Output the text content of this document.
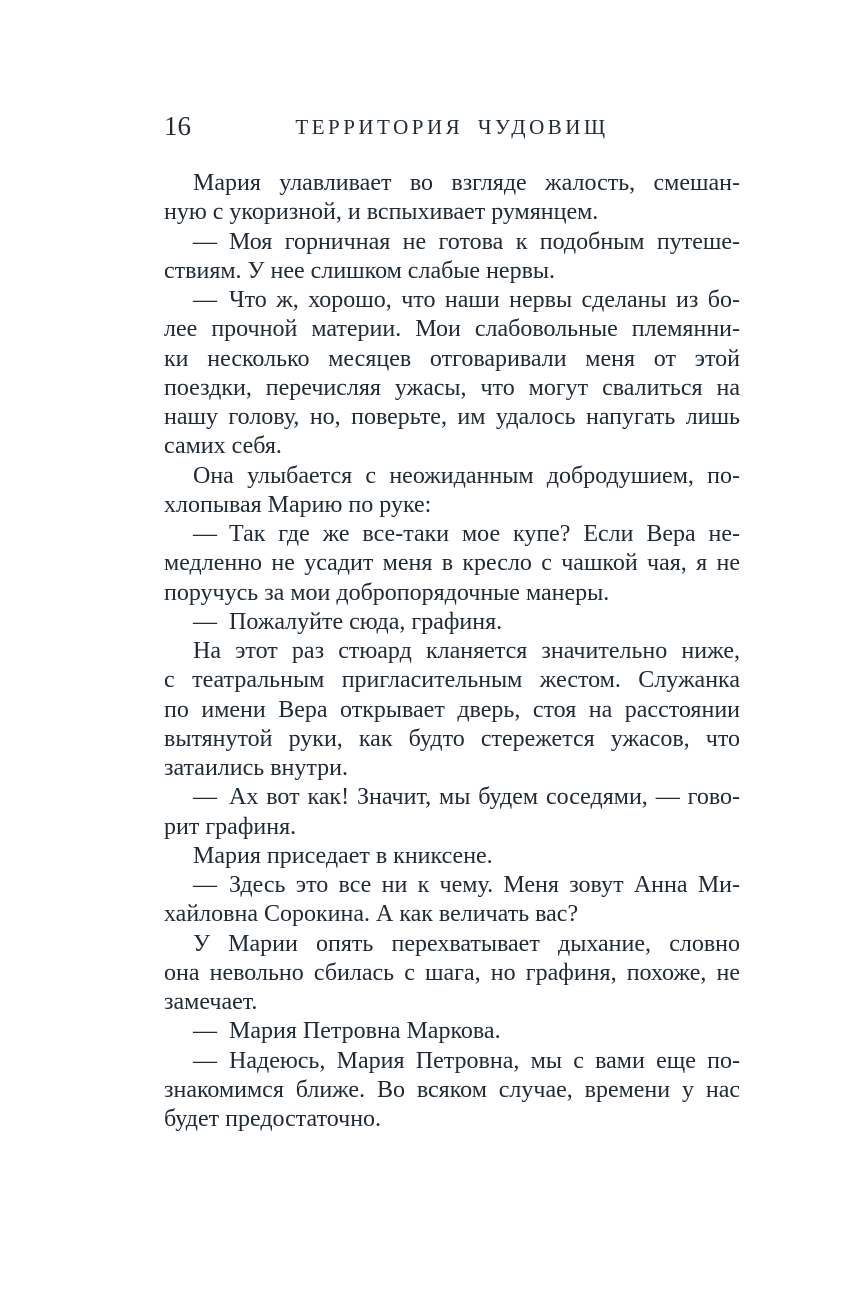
ТЕРРИТОРИЯ ЧУДОВИЩ
16
Мария улавливает во взгляде жалость, смешан-
ную с укоризной, и вспыхивает румянцем.
— Моя горничная не готова к подобным путеше-
ствиям. У нее слишком слабые нервы.
— Что ж, хорошо, что наши нервы сделаны из бо-
лее прочной материи. Мои слабовольные племянни-
ки несколько месяцев отговаривали меня от этой
поездки, перечисляя ужасы, что могут свалиться на
нашу голову, но, поверьте, им удалось напугать лишь
самих себя.
Она улыбается с неожиданным добродушием, по-
хлопывая Марию по руке:
— Так где же все-таки мое купе? Если Вера не-
медленно не усадит меня в кресло с чашкой чая, я не
поручусь за мои добропорядочные манеры.
— Пожалуйте сюда, графиня.
На этот раз стюард кланяется значительно ниже,
с театральным пригласительным жестом. Служанка
по имени Вера открывает дверь, стоя на расстоянии
вытянутой руки, как будто стережется ужасов, что
затаились внутри.
— Ах вот как! Значит, мы будем соседями, — гово-
рит графиня.
Мария приседает в книксене.
— Здесь это все ни к чему. Меня зовут Анна Ми-
хайловна Сорокина. А как величать вас?
У Марии опять перехватывает дыхание, словно
она невольно сбилась с шага, но графиня, похоже, не
замечает.
— Мария Петровна Маркова.
— Надеюсь, Мария Петровна, мы с вами еще по-
знакомимся ближе. Во всяком случае, времени у нас
будет предостаточно.
